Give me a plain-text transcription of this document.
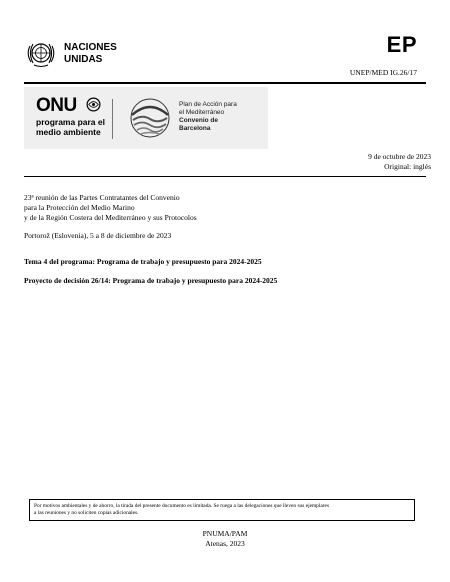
NACIONES
UNIDAS
EP
UNEP/MED IG.26/17
ONU
programa para el
medio ambiente
Plan de Acción para
el Mediterráneo
Convenio de
Barcelona
9 de octubre de 2023
Original: inglés
23ª reunión de las Partes Contratantes del Convenio
para la Protección del Medio Marino
y de la Región Costera del Mediterráneo y sus Protocolos
Portorož (Eslovenia), 5 a 8 de diciembre de 2023
Tema 4 del programa: Programa de trabajo y presupuesto para 2024-2025
Proyecto de decisión 26/14: Programa de trabajo y presupuesto para 2024-2025
Por motivos ambientales y de ahorro, la tirada del presente documento es limitada. Se ruega a las delegaciones que lleven sus ejemplares
a las reuniones y no soliciten copias adicionales.
PNUMA/PAM
Atenas, 2023
